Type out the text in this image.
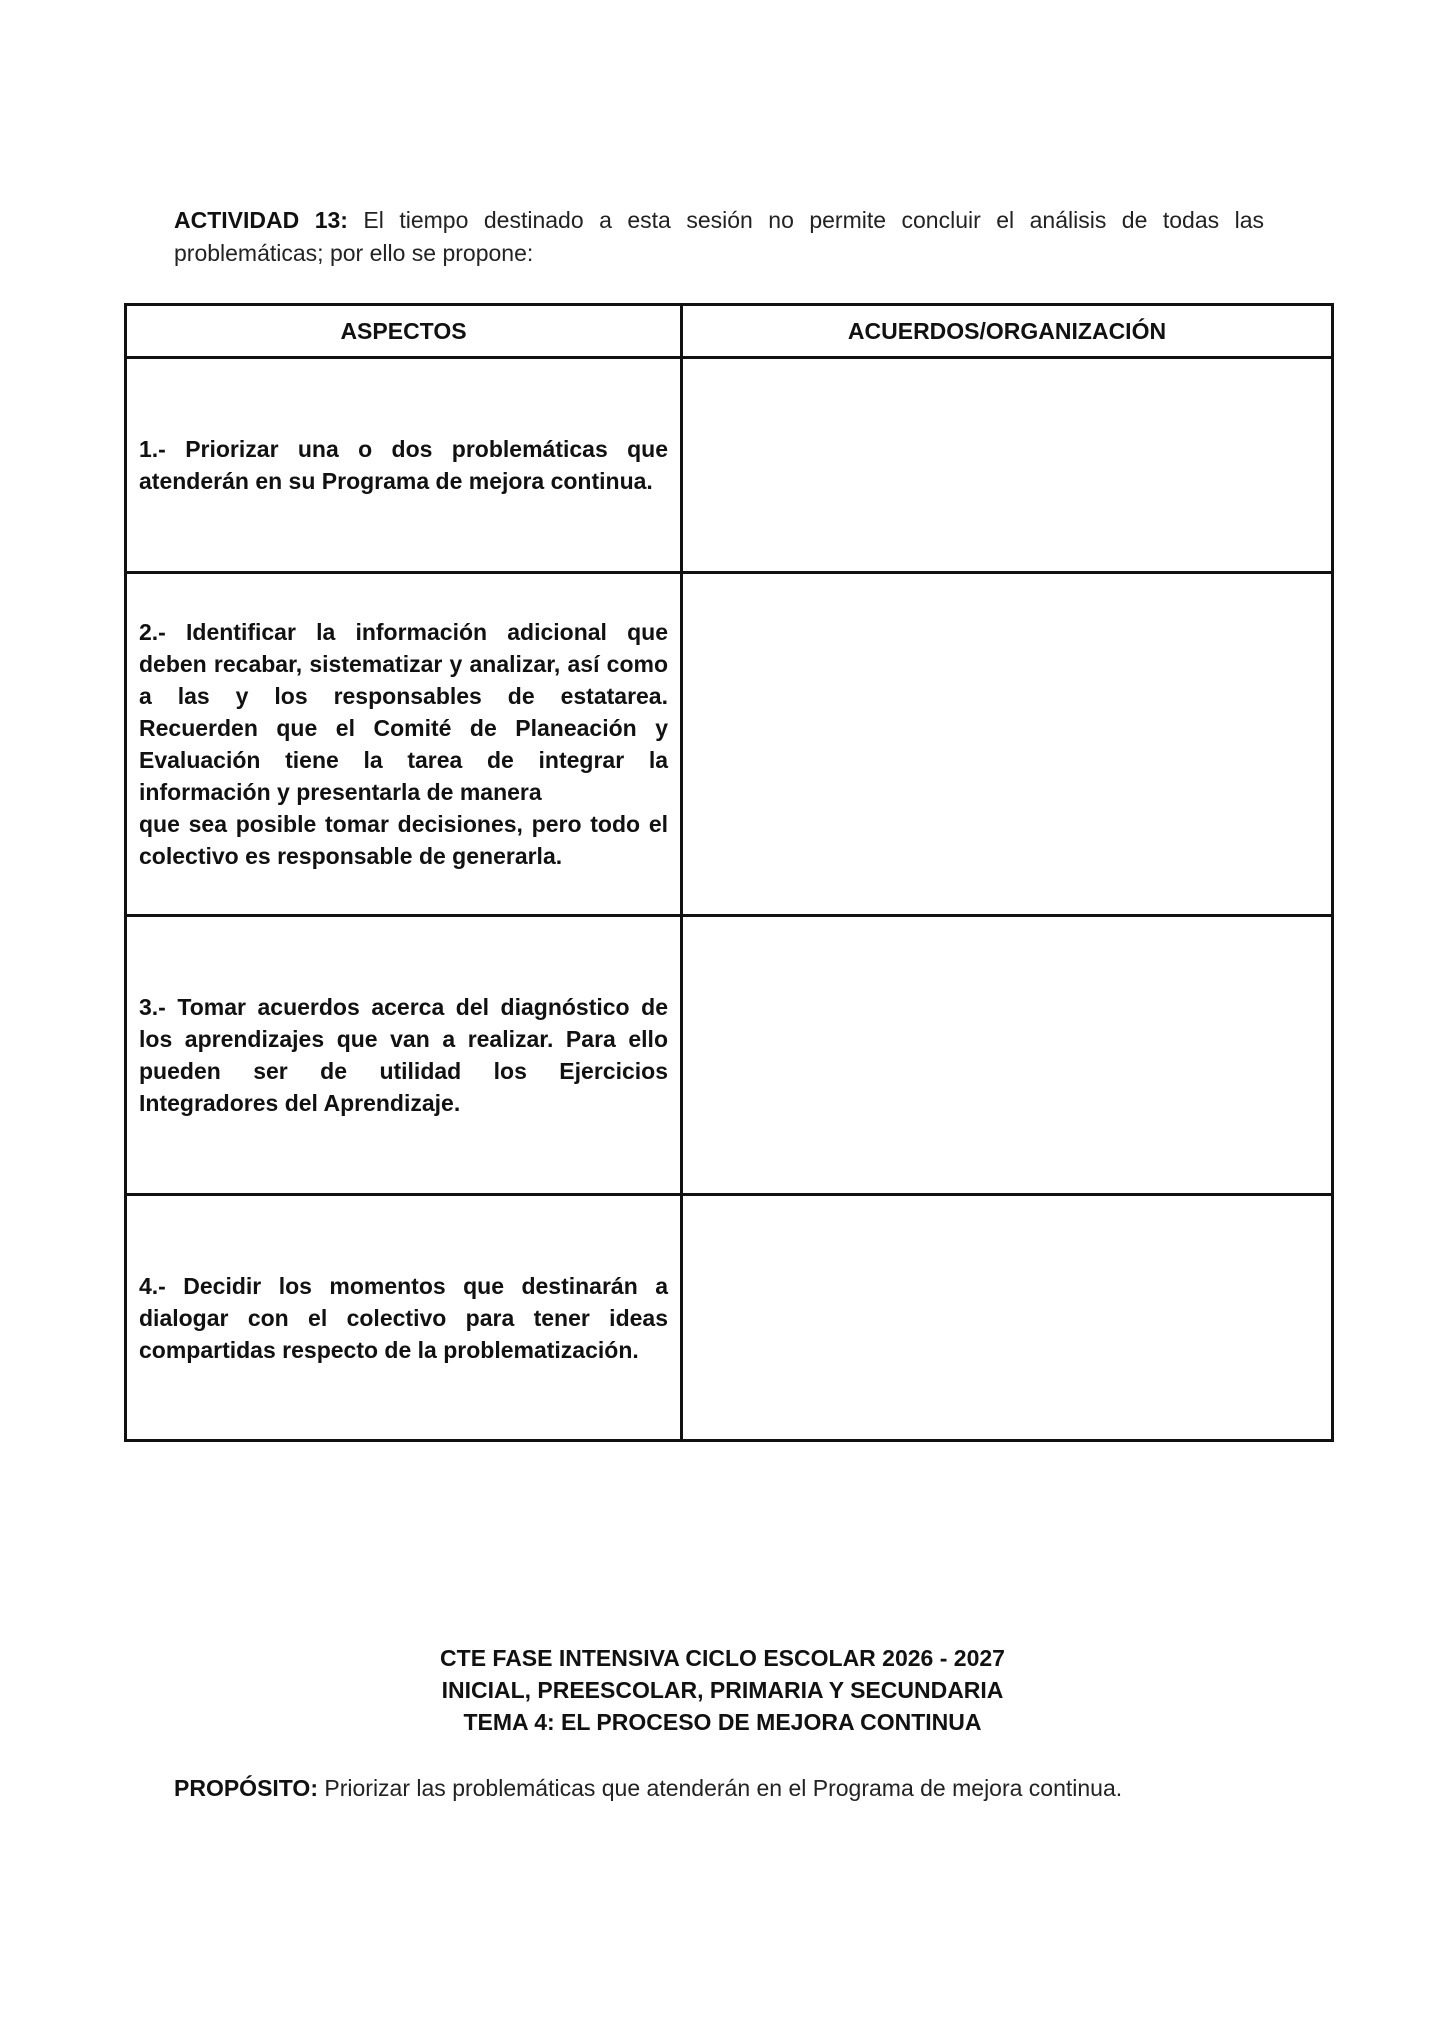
ACTIVIDAD 13: El tiempo destinado a esta sesión no permite concluir el análisis de todas las problemáticas; por ello se propone:
ASPECTOS	ACUERDOS/ORGANIZACIÓN

1.- Priorizar una o dos problemáticas que atenderán en su Programa de mejora continua.	

2.- Identificar la información adicional que deben recabar, sistematizar y analizar, así como a las y los responsables de estatarea. Recuerden que el Comité de Planeación y Evaluación tiene la tarea de integrar la información y presentarla de manera
que sea posible tomar decisiones, pero todo el colectivo es responsable de generarla.	

3.- Tomar acuerdos acerca del diagnóstico de los aprendizajes que van a realizar. Para ello pueden ser de utilidad los Ejercicios Integradores del Aprendizaje.	

4.- Decidir los momentos que destinarán a dialogar con el colectivo para tener ideas compartidas respecto de la problematización.	

CTE FASE INTENSIVA CICLO ESCOLAR 2026 - 2027
INICIAL, PREESCOLAR, PRIMARIA Y SECUNDARIA
TEMA 4: EL PROCESO DE MEJORA CONTINUA
PROPÓSITO: Priorizar las problemáticas que atenderán en el Programa de mejora continua.
